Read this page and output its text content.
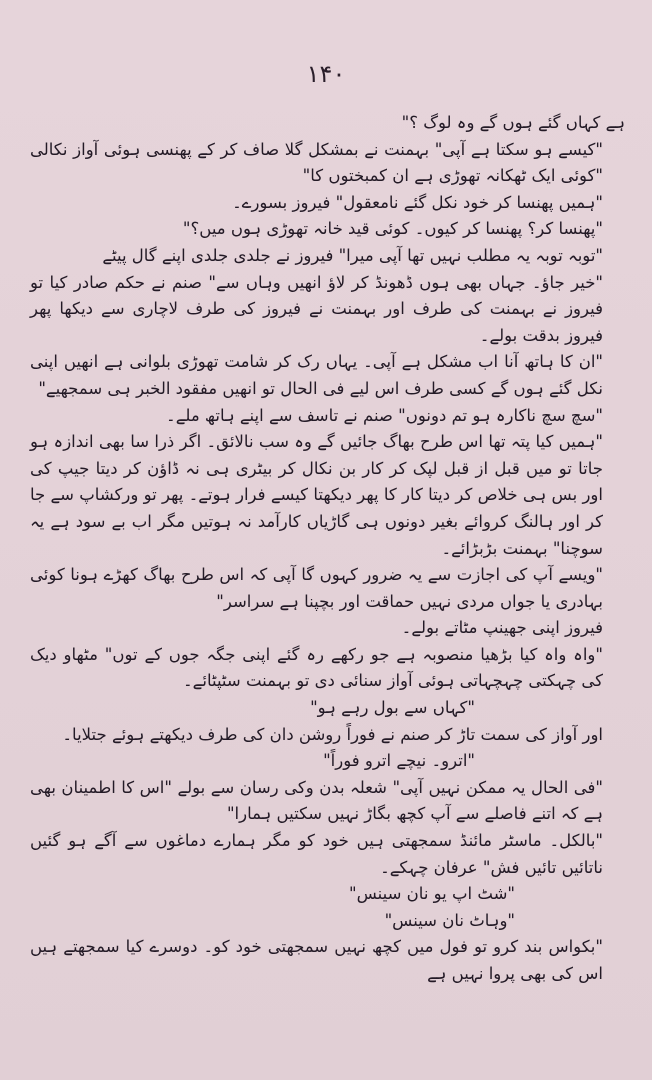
۱۴۰

ہے کہاں گئے ہوں گے وہ لوگ ؟"

"کیسے ہو سکتا ہے آپی" بہمنت نے بمشکل گلا صاف کر کے پھنسی ہوئی آواز نکالی "کوئی ایک ٹھکانہ تھوڑی ہے ان کمبختوں کا"

"ہمیں پھنسا کر خود نکل گئے نامعقول" فیروز بسورے۔

"پھنسا کر؟ پھنسا کر کیوں۔ کوئی قید خانہ تھوڑی ہوں میں؟"

"توبہ توبہ یہ مطلب نہیں تھا آپی میرا" فیروز نے جلدی جلدی اپنے گال پیٹے

"خیر جاؤ۔ جہاں بھی ہوں ڈھونڈ کر لاؤ انھیں وہاں سے" صنم نے حکم صادر کیا تو فیروز نے بہمنت کی طرف اور بہمنت نے فیروز کی طرف لاچاری سے دیکھا پھر فیروز بدقت بولے۔

"ان کا ہاتھ آنا اب مشکل ہے آپی۔ یہاں رک کر شامت تھوڑی بلوانی ہے انھیں اپنی نکل گئے ہوں گے کسی طرف اس لیے فی الحال تو انھیں مفقود الخبر ہی سمجھیے"

"سچ سچ ناکارہ ہو تم دونوں" صنم نے تاسف سے اپنے ہاتھ ملے۔

"ہمیں کیا پتہ تھا اس طرح بھاگ جائیں گے وہ سب نالائق۔ اگر ذرا سا بھی اندازہ ہو جاتا تو میں قبل از قبل لپک کر کار بن نکال کر بیٹری ہی نہ ڈاؤن کر دیتا جیپ کی اور بس ہی خلاص کر دیتا کار کا پھر دیکھتا کیسے فرار ہوتے۔ پھر تو ورکشاپ سے جا کر اور ہالنگ کروائے بغیر دونوں ہی گاڑیاں کارآمد نہ ہوتیں مگر اب بے سود ہے یہ سوچنا" بہمنت بڑبڑائے۔

"ویسے آپ کی اجازت سے یہ ضرور کہوں گا آپی کہ اس طرح بھاگ کھڑے ہونا کوئی بہادری یا جواں مردی نہیں حماقت اور بچپنا ہے سراسر"

فیروز اپنی جھینپ مٹاتے بولے۔

"واہ واہ کیا بڑھیا منصوبہ ہے جو رکھے رہ گئے اپنی جگہ جوں کے توں" مٹھاو دیک کی چہکتی چہچہاتی ہوئی آواز سنائی دی تو بہمنت سٹپٹائے۔

"کہاں سے بول رہے ہو"

اور آواز کی سمت تاڑ کر صنم نے فوراً روشن دان کی طرف دیکھتے ہوئے جتلایا۔

"اترو۔ نیچے اترو فوراً"

"فی الحال یہ ممکن نہیں آپی" شعلہ بدن وکی رسان سے بولے "اس کا اطمینان بھی ہے کہ اتنے فاصلے سے آپ کچھ بگاڑ نہیں سکتیں ہمارا"

"بالکل۔ ماسٹر مائنڈ سمجھتی ہیں خود کو مگر ہمارے دماغوں سے آگے ہو گئیں ناتائیں تائیں فش" عرفان چہکے۔

"شٹ اپ یو نان سینس"

"وہاٹ نان سینس"

"بکواس بند کرو تو فول میں کچھ نہیں سمجھتی خود کو۔ دوسرے کیا سمجھتے ہیں اس کی بھی پروا نہیں ہے
